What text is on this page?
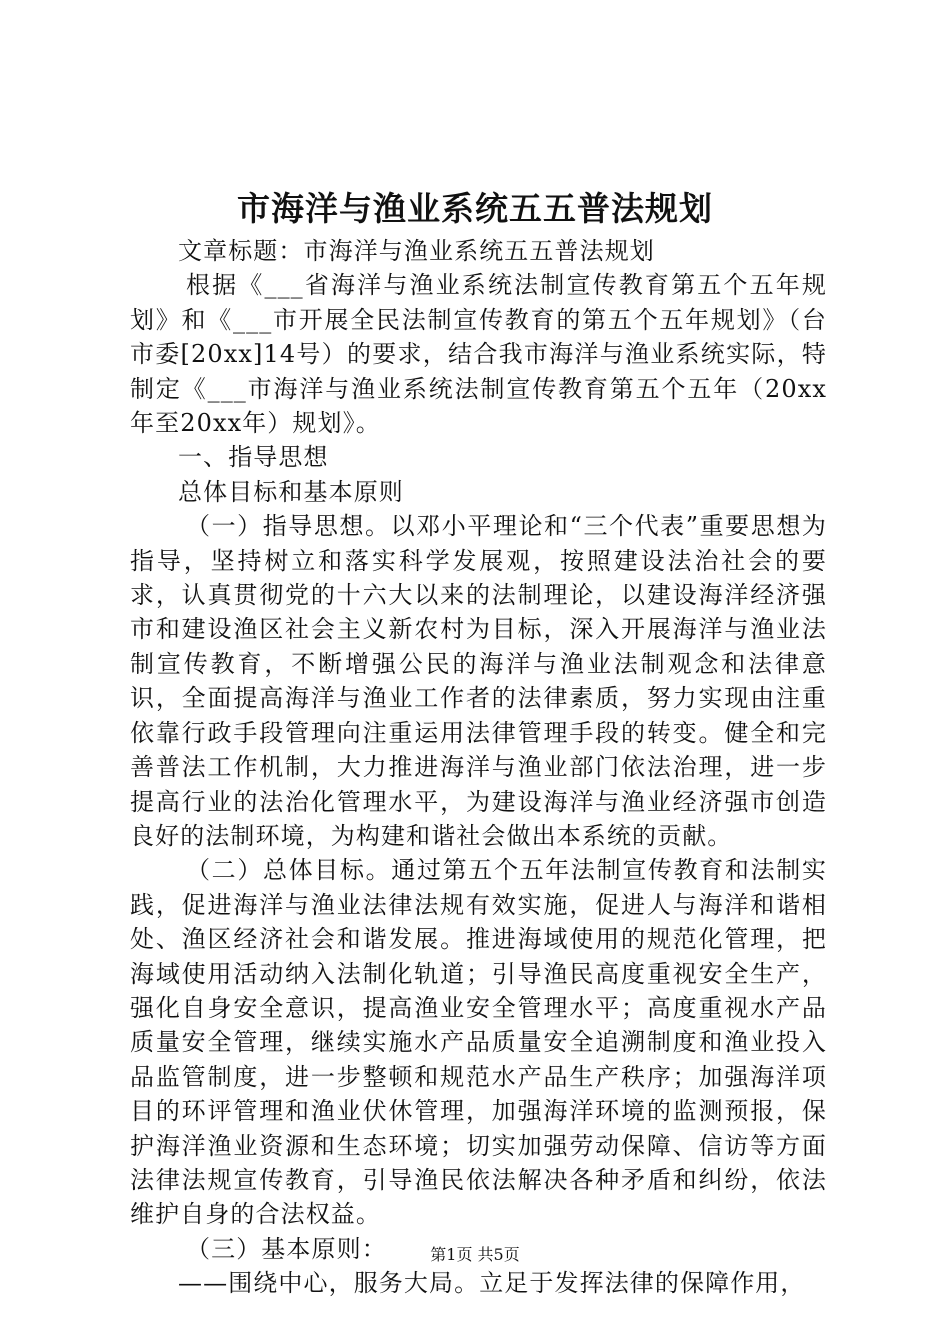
市海洋与渔业系统五五普法规划

文章标题：市海洋与渔业系统五五普法规划

根据《___省海洋与渔业系统法制宣传教育第五个五年规划》和《___市开展全民法制宣传教育的第五个五年规划》（台市委[20xx]14号）的要求，结合我市海洋与渔业系统实际，特制定《___市海洋与渔业系统法制宣传教育第五个五年（20xx年至20xx年）规划》。

一、指导思想

总体目标和基本原则

（一）指导思想。以邓小平理论和“三个代表”重要思想为指导，坚持树立和落实科学发展观，按照建设法治社会的要求，认真贯彻党的十六大以来的法制理论，以建设海洋经济强市和建设渔区社会主义新农村为目标，深入开展海洋与渔业法制宣传教育，不断增强公民的海洋与渔业法制观念和法律意识，全面提高海洋与渔业工作者的法律素质，努力实现由注重依靠行政手段管理向注重运用法律管理手段的转变。健全和完善普法工作机制，大力推进海洋与渔业部门依法治理，进一步提高行业的法治化管理水平，为建设海洋与渔业经济强市创造良好的法制环境，为构建和谐社会做出本系统的贡献。

（二）总体目标。通过第五个五年法制宣传教育和法制实践，促进海洋与渔业法律法规有效实施，促进人与海洋和谐相处、渔区经济社会和谐发展。推进海域使用的规范化管理，把海域使用活动纳入法制化轨道；引导渔民高度重视安全生产，强化自身安全意识，提高渔业安全管理水平；高度重视水产品质量安全管理，继续实施水产品质量安全追溯制度和渔业投入品监管制度，进一步整顿和规范水产品生产秩序；加强海洋项目的环评管理和渔业伏休管理，加强海洋环境的监测预报，保护海洋渔业资源和生态环境；切实加强劳动保障、信访等方面法律法规宣传教育，引导渔民依法解决各种矛盾和纠纷，依法维护自身的合法权益。

（三）基本原则：

——围绕中心，服务大局。立足于发挥法律的保障作用，

第1页 共5页
